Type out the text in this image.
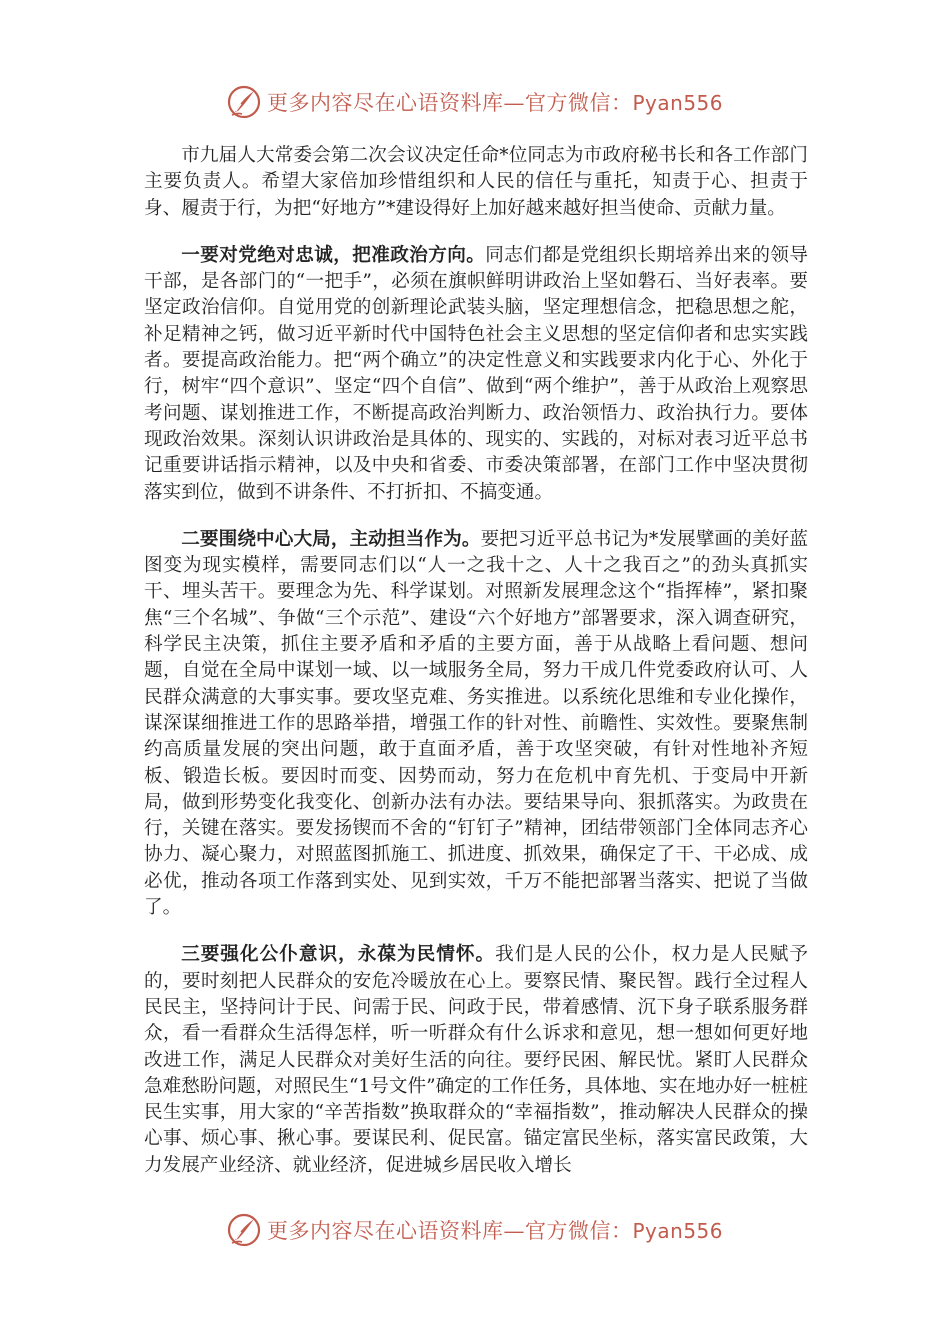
更多内容尽在心语资料库—官方微信：Pyan556

市九届人大常委会第二次会议决定任命*位同志为市政府秘书长和各工作部门主要负责人。希望大家倍加珍惜组织和人民的信任与重托，知责于心、担责于身、履责于行，为把“好地方”*建设得好上加好越来越好担当使命、贡献力量。

一要对党绝对忠诚，把准政治方向。同志们都是党组织长期培养出来的领导干部，是各部门的“一把手”，必须在旗帜鲜明讲政治上坚如磐石、当好表率。要坚定政治信仰。自觉用党的创新理论武装头脑，坚定理想信念，把稳思想之舵，补足精神之钙，做习近平新时代中国特色社会主义思想的坚定信仰者和忠实实践者。要提高政治能力。把“两个确立”的决定性意义和实践要求内化于心、外化于行，树牢“四个意识”、坚定“四个自信”、做到“两个维护”，善于从政治上观察思考问题、谋划推进工作，不断提高政治判断力、政治领悟力、政治执行力。要体现政治效果。深刻认识讲政治是具体的、现实的、实践的，对标对表习近平总书记重要讲话指示精神，以及中央和省委、市委决策部署，在部门工作中坚决贯彻落实到位，做到不讲条件、不打折扣、不搞变通。

二要围绕中心大局，主动担当作为。要把习近平总书记为*发展擘画的美好蓝图变为现实模样，需要同志们以“人一之我十之、人十之我百之”的劲头真抓实干、埋头苦干。要理念为先、科学谋划。对照新发展理念这个“指挥棒”，紧扣聚焦“三个名城”、争做“三个示范”、建设“六个好地方”部署要求，深入调查研究，科学民主决策，抓住主要矛盾和矛盾的主要方面，善于从战略上看问题、想问题，自觉在全局中谋划一域、以一域服务全局，努力干成几件党委政府认可、人民群众满意的大事实事。要攻坚克难、务实推进。以系统化思维和专业化操作，谋深谋细推进工作的思路举措，增强工作的针对性、前瞻性、实效性。要聚焦制约高质量发展的突出问题，敢于直面矛盾，善于攻坚突破，有针对性地补齐短板、锻造长板。要因时而变、因势而动，努力在危机中育先机、于变局中开新局，做到形势变化我变化、创新办法有办法。要结果导向、狠抓落实。为政贵在行，关键在落实。要发扬锲而不舍的“钉钉子”精神，团结带领部门全体同志齐心协力、凝心聚力，对照蓝图抓施工、抓进度、抓效果，确保定了干、干必成、成必优，推动各项工作落到实处、见到实效，千万不能把部署当落实、把说了当做了。

三要强化公仆意识，永葆为民情怀。我们是人民的公仆，权力是人民赋予的，要时刻把人民群众的安危冷暖放在心上。要察民情、聚民智。践行全过程人民民主，坚持问计于民、问需于民、问政于民，带着感情、沉下身子联系服务群众，看一看群众生活得怎样，听一听群众有什么诉求和意见，想一想如何更好地改进工作，满足人民群众对美好生活的向往。要纾民困、解民忧。紧盯人民群众急难愁盼问题，对照民生“1号文件”确定的工作任务，具体地、实在地办好一桩桩民生实事，用大家的“辛苦指数”换取群众的“幸福指数”，推动解决人民群众的操心事、烦心事、揪心事。要谋民利、促民富。锚定富民坐标，落实富民政策，大力发展产业经济、就业经济，促进城乡居民收入增长

更多内容尽在心语资料库—官方微信：Pyan556
